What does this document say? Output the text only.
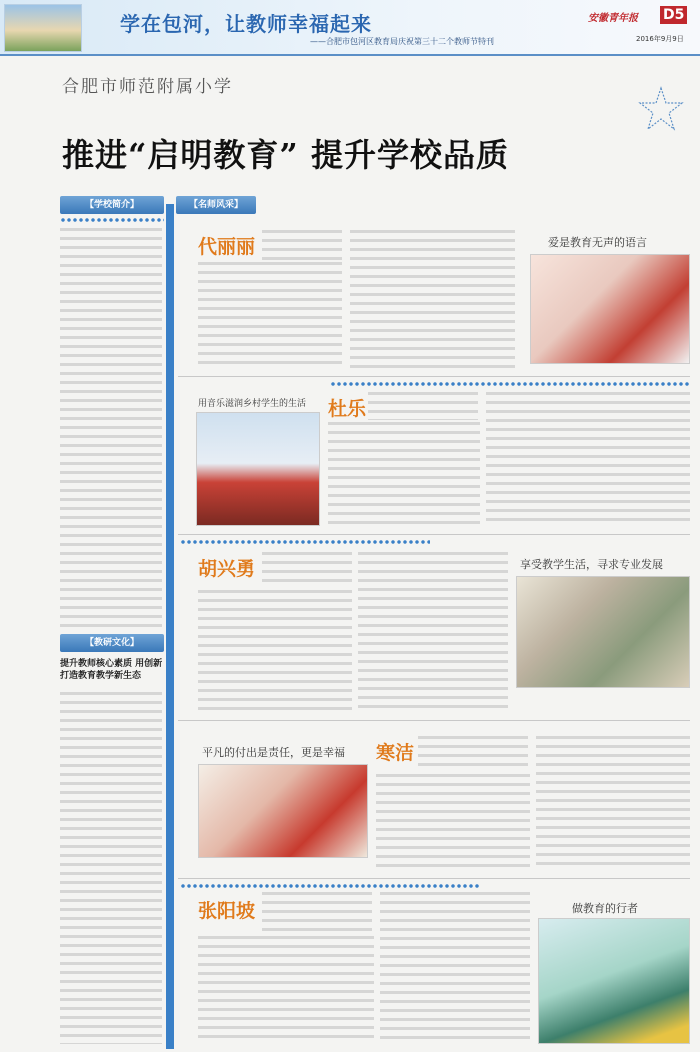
学在包河，让教师幸福起来
——合肥市包河区教育局庆祝第三十二个教师节特刊
安徽青年报 D5
2016年9月9日
合肥市师范附属小学
推进“启明教育” 提升学校品质
【学校简介】	【名师风采】
【教研文化】
提升教师核心素质 用创新打造教育教学新生态
代丽丽	爱是教育无声的语言
用音乐滋润乡村学生的生活 杜乐
胡兴勇	享受教学生活，寻求专业发展
平凡的付出是责任，更是幸福 寒洁
张阳坡	做教育的行者
